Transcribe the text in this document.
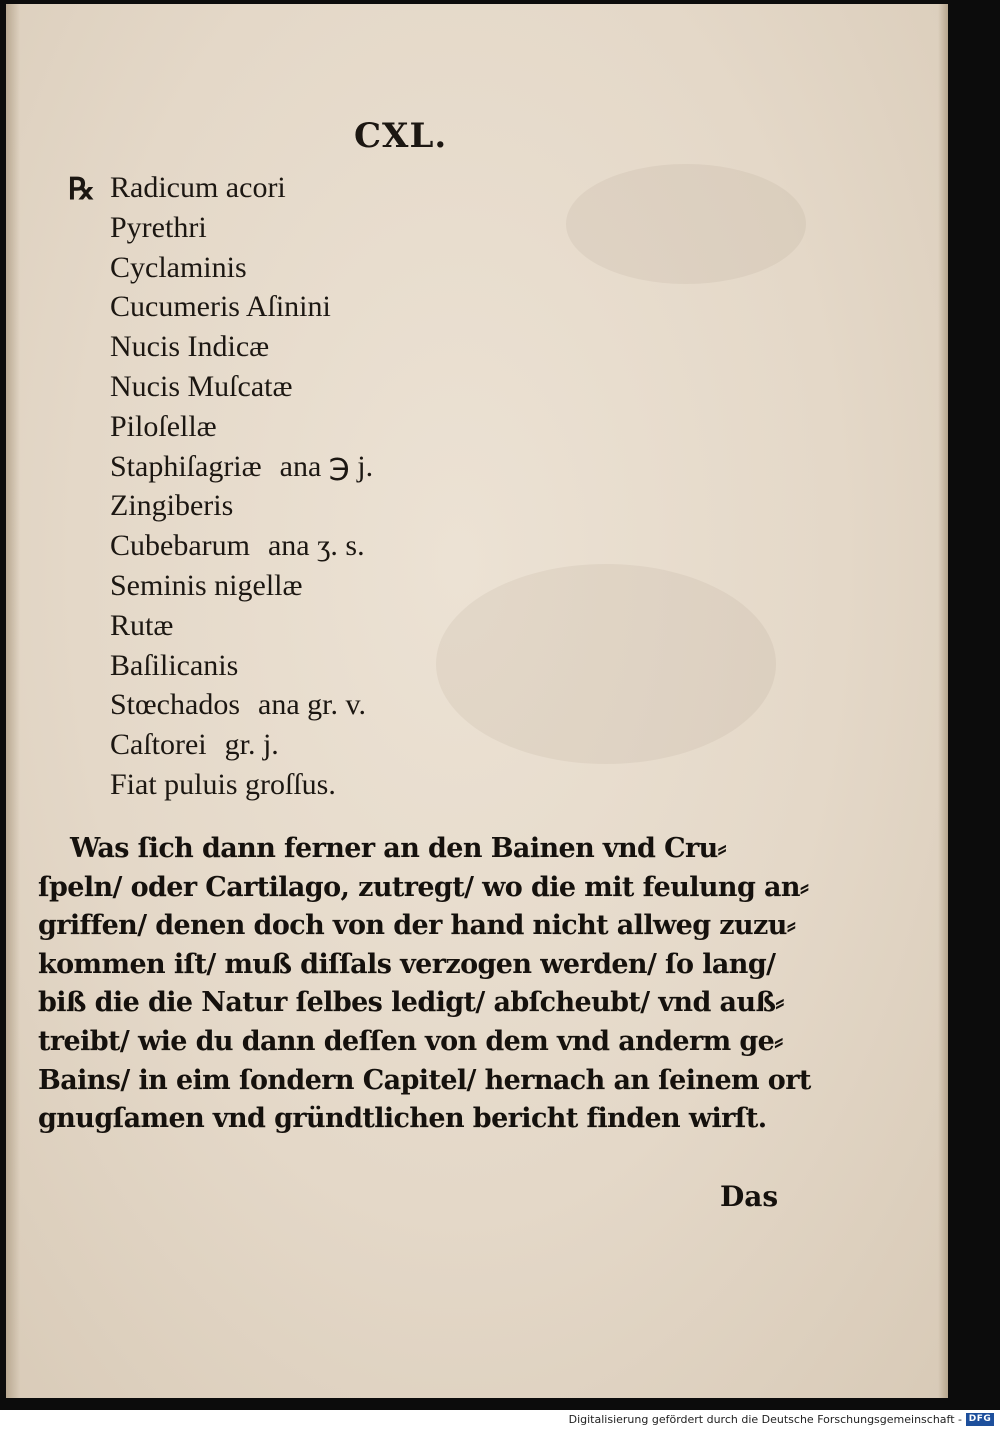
CXL.
℞ Radicum acori
Pyrethri
Cyclaminis
Cucumeris Aſinini
Nucis Indicæ
Nucis Muſcatæ
Piloſellæ
Staphiſagriæ ana ℈ j.
Zingiberis
Cubebarum ana ʒ. s.
Seminis nigellæ
Rutæ
Baſilicanis
Stœchados ana gr. v.
Caſtorei gr. j.
Fiat puluis groſſus.
Was ſich dann ferner an den Bainen vnd Cru⸗
ſpeln/ oder Cartilago, zutregt/ wo die mit feulung an⸗
griffen/ denen doch von der hand nicht allweg zuzu⸗
kommen iſt/ muß diſſals verzogen werden/ ſo lang/
biß die die Natur ſelbes ledigt/ abſcheubt/ vnd auß⸗
treibt/ wie du dann deſſen von dem vnd anderm ge⸗
Bains/ in eim ſondern Capitel/ hernach an ſeinem ort
gnugſamen vnd gründtlichen bericht finden wirſt.
Das
Digitalisierung gefördert durch die Deutsche Forschungsgemeinschaft - DFG
